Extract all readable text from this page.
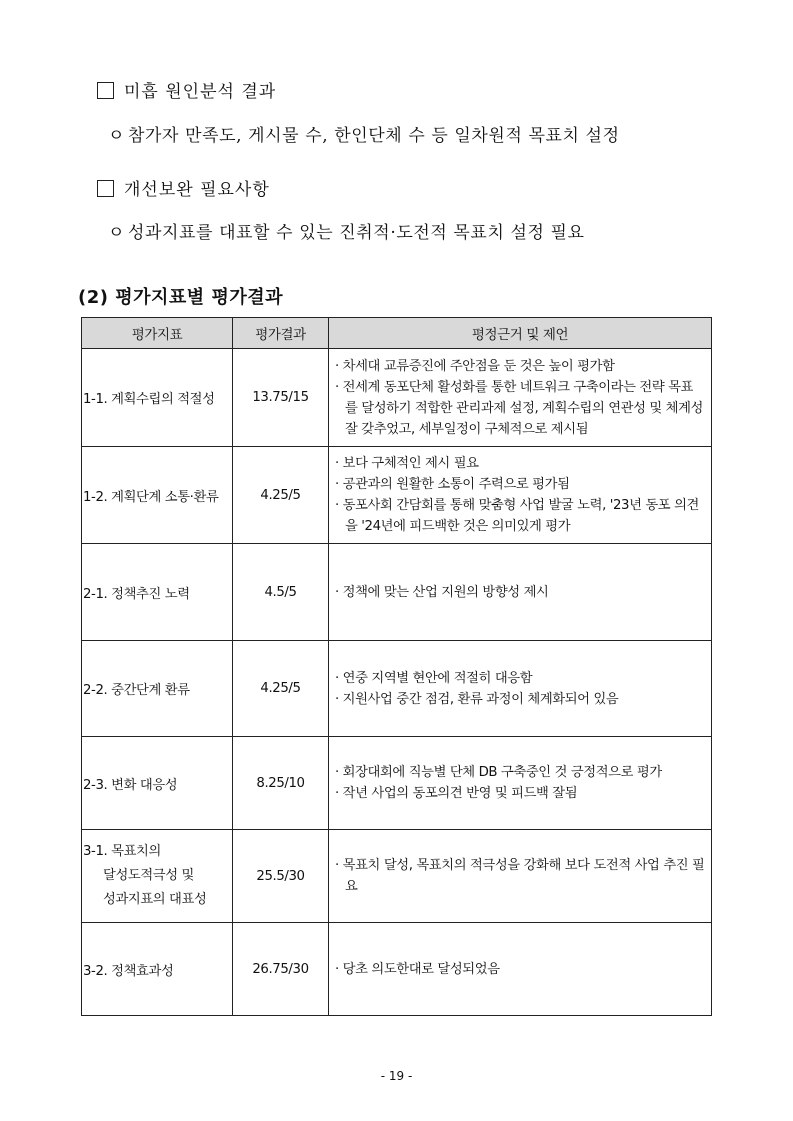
미흡 원인분석 결과
ㅇ 참가자 만족도, 게시물 수, 한인단체 수 등 일차원적 목표치 설정
개선보완 필요사항
ㅇ 성과지표를 대표할 수 있는 진취적·도전적 목표치 설정 필요
(2) 평가지표별 평가결과
평가지표	평가결과	평정근거 및 제언
1-1. 계획수립의 적절성	13.75/15	· 차세대 교류증진에 주안점을 둔 것은 높이 평가함
· 전세계 동포단체 활성화를 통한 네트워크 구축이라는 전략 목표를 달성하기 적합한 관리과제 설정, 계획수립의 연관성 및 체계성 잘 갖추었고, 세부일정이 구체적으로 제시됨

1-2. 계획단계 소통·환류	4.25/5	· 보다 구체적인 제시 필요
· 공관과의 원활한 소통이 주력으로 평가됨
· 동포사회 간담회를 통해 맞춤형 사업 발굴 노력, '23년 동포 의견을 '24년에 피드백한 것은 의미있게 평가

2-1. 정책추진 노력	4.5/5	· 정책에 맞는 산업 지원의 방향성 제시

2-2. 중간단계 환류	4.25/5	· 연중 지역별 현안에 적절히 대응함
· 지원사업 중간 점검, 환류 과정이 체계화되어 있음

2-3. 변화 대응성	8.25/10	· 회장대회에 직능별 단체 DB 구축중인 것 긍정적으로 평가
· 작년 사업의 동포의견 반영 및 피드백 잘됨

3-1. 목표치의
달성도적극성 및
성과지표의 대표성	25.5/30	· 목표치 달성, 목표치의 적극성을 강화해 보다 도전적 사업 추진 필요

3-2. 정책효과성	26.75/30	· 당초 의도한대로 달성되었음
- 19 -
